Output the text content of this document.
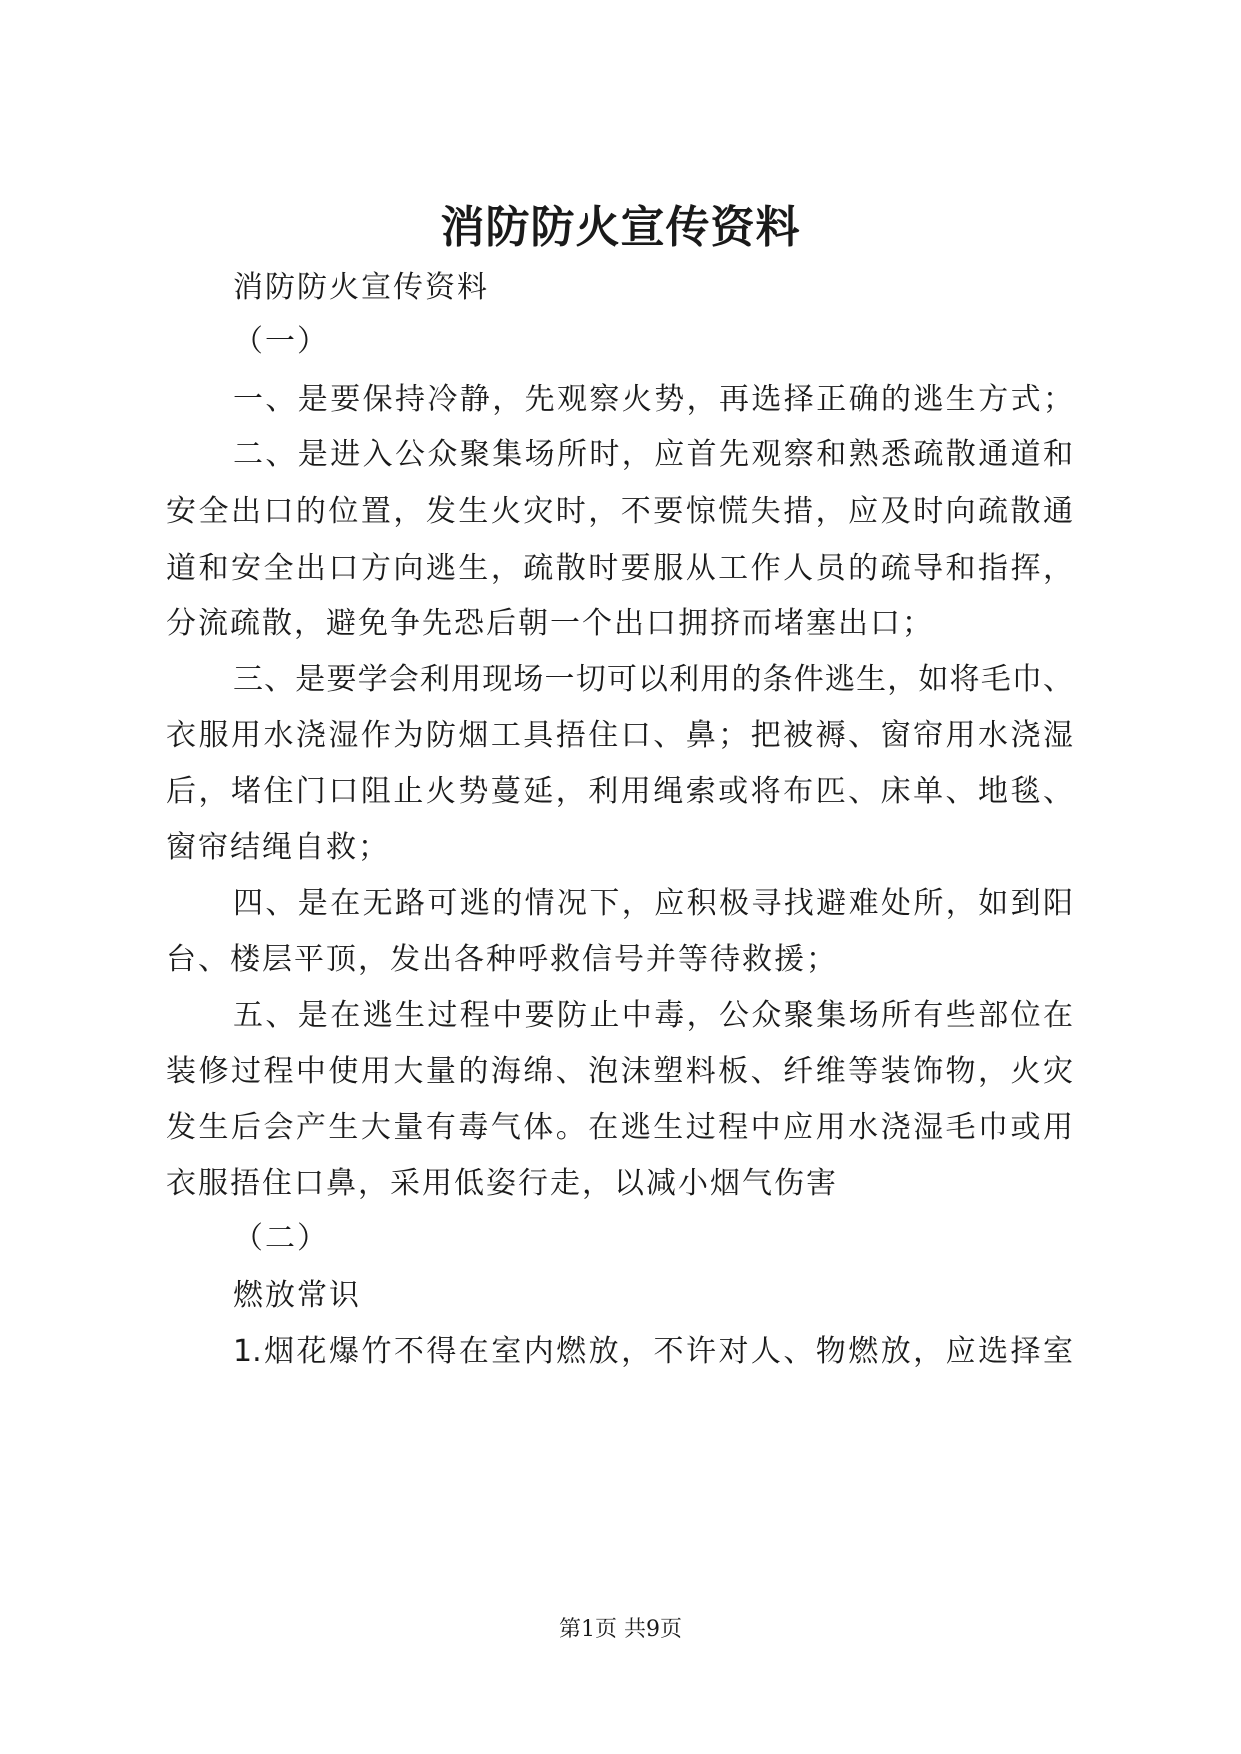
消防防火宣传资料
消防防火宣传资料
（一）
一、是要保持冷静，先观察火势，再选择正确的逃生方式；
二、是进入公众聚集场所时，应首先观察和熟悉疏散通道和
安全出口的位置，发生火灾时，不要惊慌失措，应及时向疏散通
道和安全出口方向逃生，疏散时要服从工作人员的疏导和指挥，
分流疏散，避免争先恐后朝一个出口拥挤而堵塞出口；
三、是要学会利用现场一切可以利用的条件逃生，如将毛巾、
衣服用水浇湿作为防烟工具捂住口、鼻；把被褥、窗帘用水浇湿
后，堵住门口阻止火势蔓延，利用绳索或将布匹、床单、地毯、
窗帘结绳自救；
四、是在无路可逃的情况下，应积极寻找避难处所，如到阳
台、楼层平顶，发出各种呼救信号并等待救援；
五、是在逃生过程中要防止中毒，公众聚集场所有些部位在
装修过程中使用大量的海绵、泡沫塑料板、纤维等装饰物，火灾
发生后会产生大量有毒气体。在逃生过程中应用水浇湿毛巾或用
衣服捂住口鼻，采用低姿行走，以减小烟气伤害
（二）
燃放常识
1.烟花爆竹不得在室内燃放，不许对人、物燃放，应选择室
第1页 共9页
